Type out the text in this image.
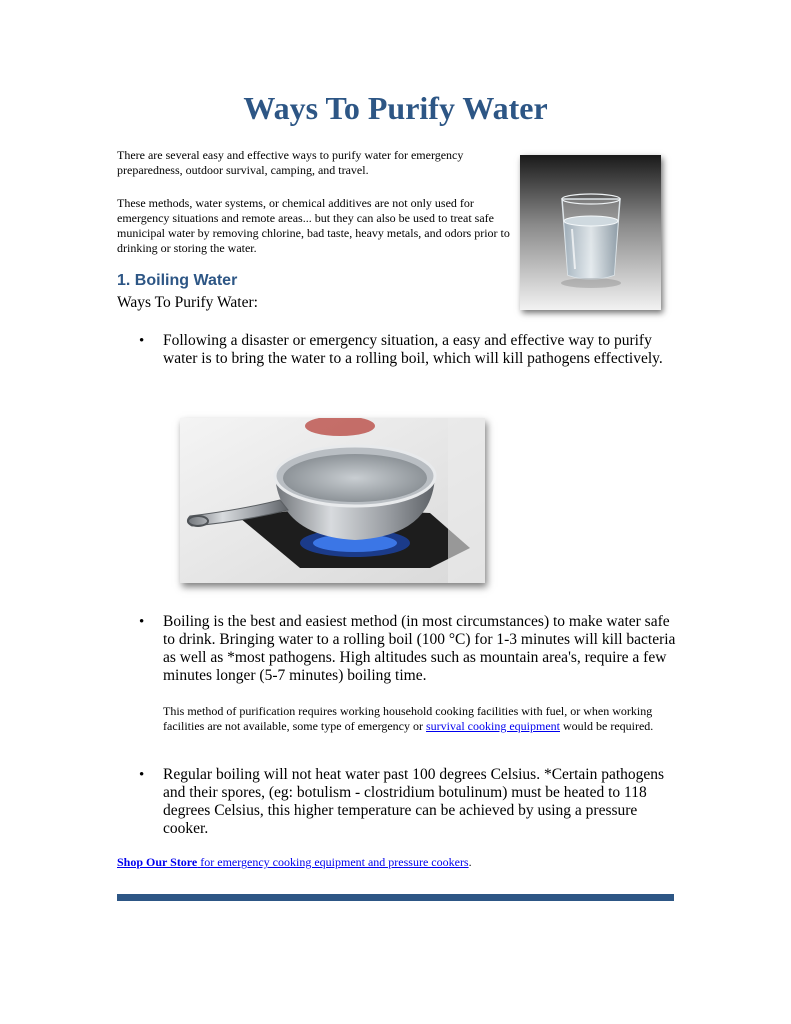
Ways To Purify Water

There are several easy and effective ways to purify water for emergency preparedness, outdoor survival, camping, and travel.

These methods, water systems, or chemical additives are not only used for emergency situations and remote areas... but they can also be used to treat safe municipal water by removing chlorine, bad taste, heavy metals, and odors prior to drinking or storing the water.

1. Boiling Water

Ways To Purify Water:

• Following a disaster or emergency situation, a easy and effective way to purify water is to bring the water to a rolling boil, which will kill pathogens effectively.

• Boiling is the best and easiest method (in most circumstances) to make water safe to drink. Bringing water to a rolling boil (100 °C) for 1-3 minutes will kill bacteria as well as *most pathogens. High altitudes such as mountain area's, require a few minutes longer (5-7 minutes) boiling time.

This method of purification requires working household cooking facilities with fuel, or when working facilities are not available, some type of emergency or survival cooking equipment would be required.

• Regular boiling will not heat water past 100 degrees Celsius. *Certain pathogens and their spores, (eg: botulism - clostridium botulinum) must be heated to 118 degrees Celsius, this higher temperature can be achieved by using a pressure cooker.

Shop Our Store for emergency cooking equipment and pressure cookers.
